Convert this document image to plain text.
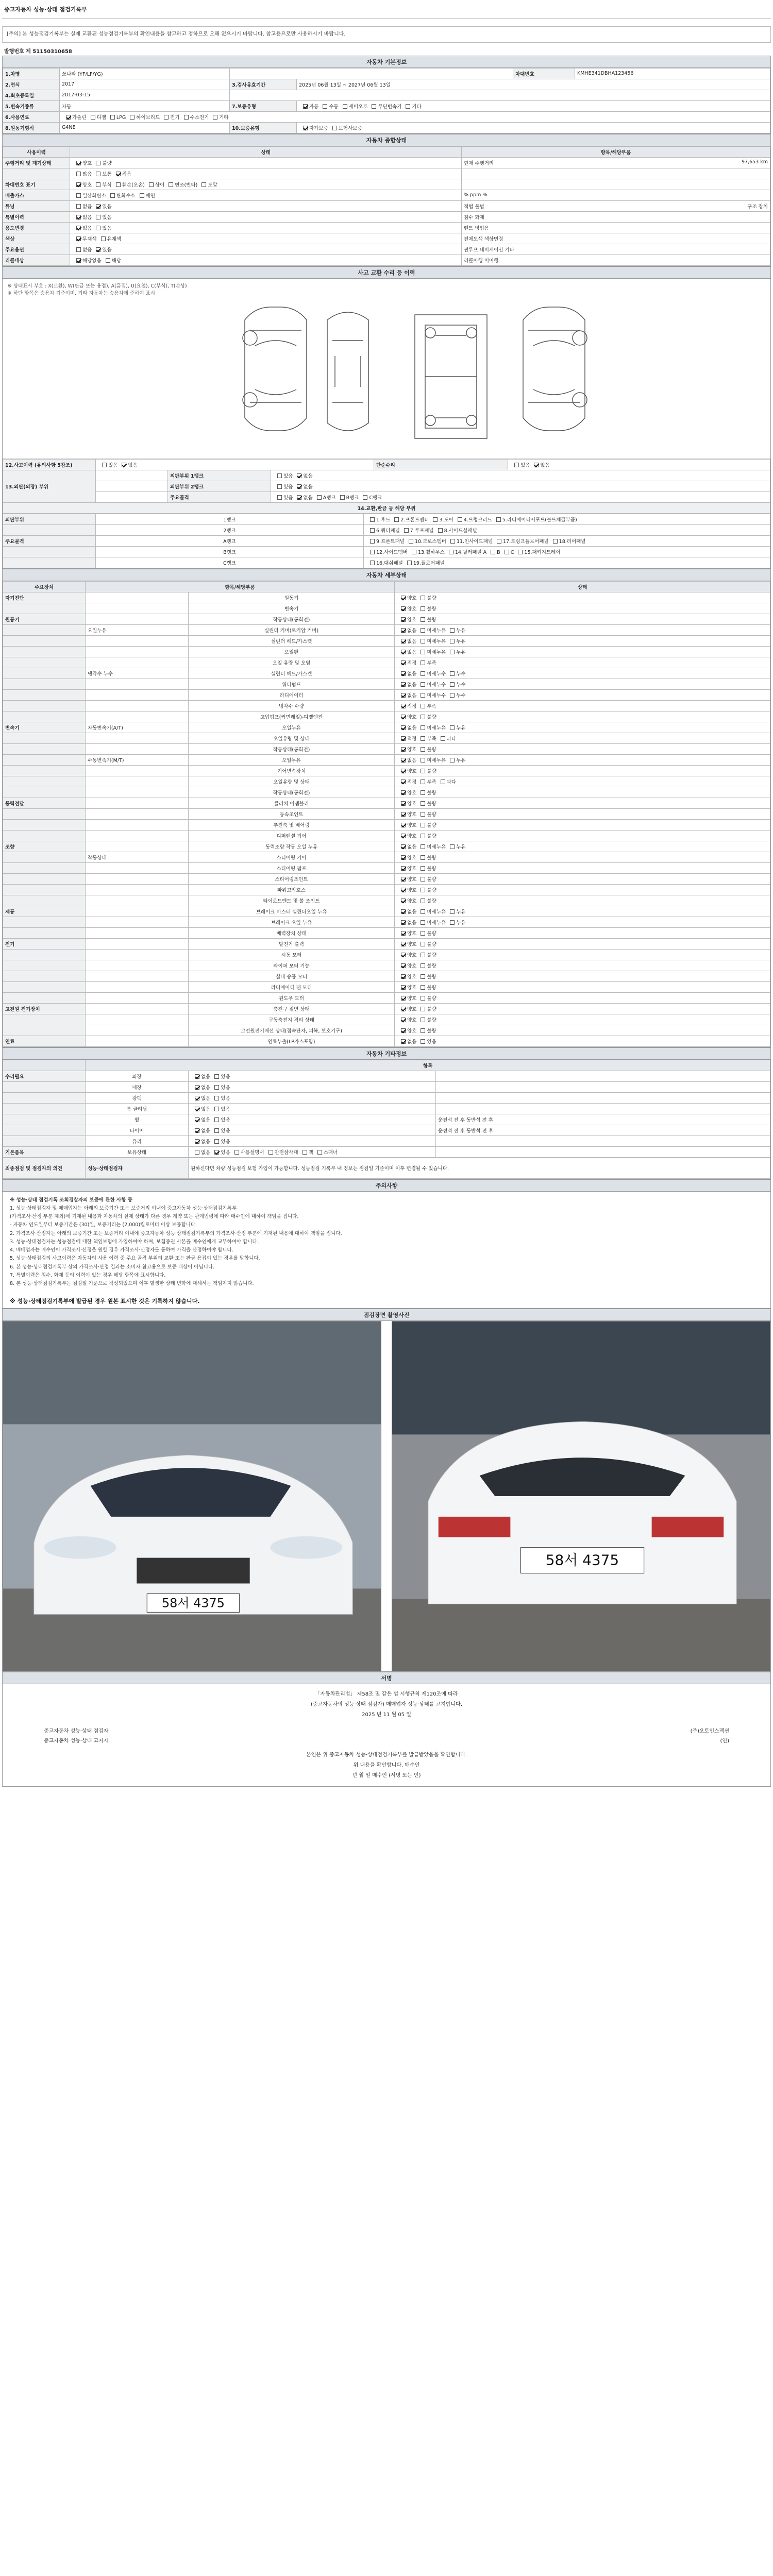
중고자동차 성능·상태 점검기록부
[주의] 본 성능점검기록부는 실제 교환된 성능점검기록부의 확인내용을 참고하고 정하므로 오해 없으시기 바랍니다. 참고용으로만 사용하시기 바랍니다.
발행번호 제 51150310658
자동차 기본정보
1.차명	쏘나타 (YF/LF/YG)			차대번호	KMHE341DBHA123456
2.연식	2017	3.검사유효기간	2025년 06월 13일 ~ 2027년 06월 13일		
4.최초등록일	2017-03-15				
5.변속기종류	자동	7.보증유형	자동 수동 세미오토 무단변속기 기타		
6.사용연료	가솔린 디젤 LPG 하이브리드 전기 수소전기 기타				
8.원동기형식	G4NE	10.보증유형	자가보증 보험사보증		
자동차 종합상태
사용이력	상태	항목/해당부품
주행거리 및 계기상태	양호 불량	현재 주행거리 97,653 km

	많음 보통 적음	

차대번호 표기	양호 부식 훼손(오손) 상이 변조(변타) 도말	

배출가스	일산화탄소 탄화수소 매연	% ppm %

튜닝	없음 있음	적법 불법 구조 장치

특별이력	없음 있음	침수 화재

용도변경	없음 있음	렌트 영업용

색상	무채색 유채색	전체도색 색상변경

주요옵션	없음 있음	썬루프 네비게이션 기타

리콜대상	해당없음 해당	리콜이행 미이행
사고 교환 수리 등 이력
※ 상태표시 부호 : X(교환), W(판금 또는 용접), A(흠집), U(요철), C(부식), T(손상)
※ 하단 항목은 승용차 기준이며, 기타 자동차는 승용차에 준하여 표시
12.사고이력 (유의사항 5참조)	있음 없음			단순수리	있음 없음
13.외판(외장) 부위		외판부위 1랭크	있음 없음		
		외판부위 2랭크	있음 없음		
		주요골격	있음 없음 A랭크 B랭크 C랭크		
14.교환,판금 등 해당 부위					
외판부위	1랭크	1.후드 2.프론트펜더 3.도어 4.트렁크리드 5.라디에이터서포트(볼트체결부품)
	2랭크	6.쿼터패널 7.루프패널 8.사이드실패널
주요골격	A랭크	9.프론트패널 10.크로스멤버 11.인사이드패널 17.트렁크플로어패널 18.리어패널
	B랭크	12.사이드멤버 13.휠하우스 14.필러패널 A B C 15.패키지트레이
	C랭크	16.대쉬패널 19.플로어패널
자동차 세부상태
주요장치	항목/해당부품		상태
자기진단		원동기	양호 불량
		변속기	양호 불량
원동기		작동상태(공회전)	양호 불량
	오일누유	실린더 커버(로커암 커버)	없음 미세누유 누유
		실린더 헤드/가스켓	없음 미세누유 누유
		오일팬	없음 미세누유 누유
		오일 유량 및 오염	적정 부족
	냉각수 누수	실린더 헤드/가스켓	없음 미세누수 누수
		워터펌프	없음 미세누수 누수
		라디에이터	없음 미세누수 누수
		냉각수 수량	적정 부족
		고압펌프(커먼레일)-디젤엔진	양호 불량
변속기	자동변속기(A/T)	오일누유	없음 미세누유 누유
		오일유량 및 상태	적정 부족 과다
		작동상태(공회전)	양호 불량
	수동변속기(M/T)	오일누유	없음 미세누유 누유
		기어변속장치	양호 불량
		오일유량 및 상태	적정 부족 과다
		작동상태(공회전)	양호 불량
동력전달		클러치 어셈블리	양호 불량
		등속조인트	양호 불량
		추진축 및 베어링	양호 불량
		디퍼렌셜 기어	양호 불량
조향		동력조향 작동 오일 누유	없음 미세누유 누유
	작동상태	스티어링 기어	양호 불량
		스티어링 펌프	양호 불량
		스티어링조인트	양호 불량
		파워고압호스	양호 불량
		타이로드엔드 및 볼 조인트	양호 불량
제동		브레이크 마스터 실린더오일 누유	없음 미세누유 누유
		브레이크 오일 누유	없음 미세누유 누유
		배력장치 상태	양호 불량
전기		발전기 출력	양호 불량
		시동 모터	양호 불량
		와이퍼 모터 기능	양호 불량
		실내 송풍 모터	양호 불량
		라디에이터 팬 모터	양호 불량
		윈도우 모터	양호 불량
고전원 전기장치		충전구 절연 상태	양호 불량
		구동축전지 격리 상태	양호 불량
		고전원전기배선 상태(접속단자, 피복, 보호기구)	양호 불량
연료		연료누출(LP가스포함)	없음 있음
자동차 기타정보
	항목		
수리필요	외장	없음 있음	
	내장	없음 있음	
	광택	없음 있음	
	룸 클리닝	없음 있음	
	휠	없음 있음	운전석 전 후 동반석 전 후
	타이어	없음 있음	운전석 전 후 동반석 전 후
	유리	없음 있음	
기본품목	보유상태	없음 있음 사용설명서 안전삼각대 잭 스패너	
최종점검 및 점검자의 의견	성능·상태점검자	원하신다면 차량 성능점검 보험 가입이 가능합니다. 성능점검 기록부 내 정보는 점검일 기준이며 이후 변경될 수 있습니다.
주의사항

※ 성능·상태 점검기록 조회경찰자의 보증에 관한 사항 등

1. 성능·상태점검자 및 매매업자는 아래의 보증기간 또는 보증거리 이내에 중고자동차 성능·상태점검기록부

(가격조사·산정 부분 제외)에 기재된 내용과 자동차의 실제 상태가 다른 경우 계약 또는 관계법령에 따라 매수인에 대하여 책임을 집니다.

- 자동차 인도일부터 보증기간은 (30)일, 보증거리는 (2,000)킬로미터 이상 보증합니다.

2. 가격조사·산정자는 아래의 보증기간 또는 보증거리 이내에 중고자동차 성능·상태점검기록부의 가격조사·산정 부분에 기재된 내용에 대하여 책임을 집니다.

3. 성능·상태점검자는 성능점검에 대한 책임보험에 가입하여야 하며, 보험증권 사본을 매수인에게 교부하여야 합니다.

4. 매매업자는 매수인이 가격조사·산정을 원할 경우 가격조사·산정자를 통하여 가격을 산정하여야 합니다.

5. 성능·상태점검의 사고이력은 자동차의 사용 이력 중 주요 골격 부위의 교환 또는 판금 용접이 있는 경우를 말합니다.

6. 본 성능·상태점검기록부 상의 가격조사·산정 결과는 소비자 참고용으로 보증 대상이 아닙니다.

7. 특별이력은 침수, 화재 등의 이력이 있는 경우 해당 항목에 표시합니다.

8. 본 성능·상태점검기록부는 점검일 기준으로 작성되었으며 이후 발생한 상태 변화에 대해서는 책임지지 않습니다.

※ 성능·상태점검기록부에 발급된 경우 원본 표시한 것은 기록하지 않습니다.
점검장면 촬영사진
58서 4375
58서 4375
서명
「자동차관리법」 제58조 및 같은 법 시행규칙 제120조에 따라
(중고자동차의 성능·상태 점검자) 매매업자 성능·상태를 고지합니다.
2025 년 11 월 05 일
중고자동차 성능·상태 점검자	(주)오토인스펙션
중고자동차 성능·상태 고지자	(인)
본인은 위 중고자동차 성능·상태점검기록부를 발급받았음을 확인합니다.
위 내용을 확인합니다. 매수인
년 월 일 매수인 (서명 또는 인)
